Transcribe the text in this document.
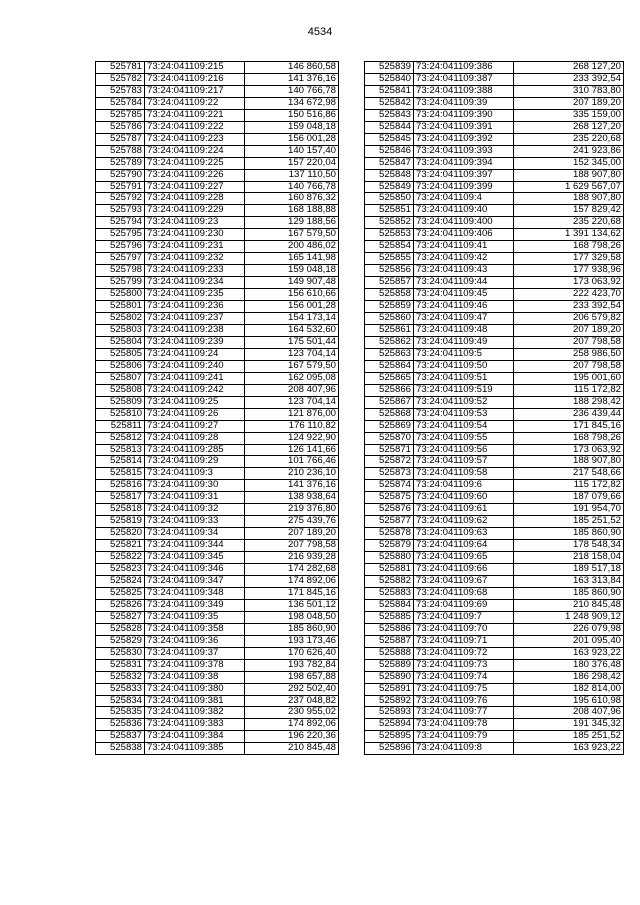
4534
525781	73:24:041109:215	146 860,58
525782	73:24:041109:216	141 376,16
525783	73:24:041109:217	140 766,78
525784	73:24:041109:22	134 672,98
525785	73:24:041109:221	150 516,86
525786	73:24:041109:222	159 048,18
525787	73:24:041109:223	156 001,28
525788	73:24:041109:224	140 157,40
525789	73:24:041109:225	157 220,04
525790	73:24:041109:226	137 110,50
525791	73:24:041109:227	140 766,78
525792	73:24:041109:228	160 876,32
525793	73:24:041109:229	168 188,88
525794	73:24:041109:23	129 188,56
525795	73:24:041109:230	167 579,50
525796	73:24:041109:231	200 486,02
525797	73:24:041109:232	165 141,98
525798	73:24:041109:233	159 048,18
525799	73:24:041109:234	149 907,48
525800	73:24:041109:235	156 610,66
525801	73:24:041109:236	156 001,28
525802	73:24:041109:237	154 173,14
525803	73:24:041109:238	164 532,60
525804	73:24:041109:239	175 501,44
525805	73:24:041109:24	123 704,14
525806	73:24:041109:240	167 579,50
525807	73:24:041109:241	162 095,08
525808	73:24:041109:242	208 407,96
525809	73:24:041109:25	123 704,14
525810	73:24:041109:26	121 876,00
525811	73:24:041109:27	176 110,82
525812	73:24:041109:28	124 922,90
525813	73:24:041109:285	126 141,66
525814	73:24:041109:29	101 766,46
525815	73:24:041109:3	210 236,10
525816	73:24:041109:30	141 376,16
525817	73:24:041109:31	138 938,64
525818	73:24:041109:32	219 376,80
525819	73:24:041109:33	275 439,76
525820	73:24:041109:34	207 189,20
525821	73:24:041109:344	207 798,58
525822	73:24:041109:345	216 939,28
525823	73:24:041109:346	174 282,68
525824	73:24:041109:347	174 892,06
525825	73:24:041109:348	171 845,16
525826	73:24:041109:349	136 501,12
525827	73:24:041109:35	198 048,50
525828	73:24:041109:358	185 860,90
525829	73:24:041109:36	193 173,46
525830	73:24:041109:37	170 626,40
525831	73:24:041109:378	193 782,84
525832	73:24:041109:38	198 657,88
525833	73:24:041109:380	292 502,40
525834	73:24:041109:381	237 048,82
525835	73:24:041109:382	230 955,02
525836	73:24:041109:383	174 892,06
525837	73:24:041109:384	196 220,36
525838	73:24:041109:385	210 845,48
525839	73:24:041109:386	268 127,20
525840	73:24:041109:387	233 392,54
525841	73:24:041109:388	310 783,80
525842	73:24:041109:39	207 189,20
525843	73:24:041109:390	335 159,00
525844	73:24:041109:391	268 127,20
525845	73:24:041109:392	235 220,68
525846	73:24:041109:393	241 923,86
525847	73:24:041109:394	152 345,00
525848	73:24:041109:397	188 907,80
525849	73:24:041109:399	1 629 567,07
525850	73:24:041109:4	188 907,80
525851	73:24:041109:40	157 829,42
525852	73:24:041109:400	235 220,68
525853	73:24:041109:406	1 391 134,62
525854	73:24:041109:41	168 798,26
525855	73:24:041109:42	177 329,58
525856	73:24:041109:43	177 938,96
525857	73:24:041109:44	173 063,92
525858	73:24:041109:45	222 423,70
525859	73:24:041109:46	233 392,54
525860	73:24:041109:47	206 579,82
525861	73:24:041109:48	207 189,20
525862	73:24:041109:49	207 798,58
525863	73:24:041109:5	258 986,50
525864	73:24:041109:50	207 798,58
525865	73:24:041109:51	195 001,60
525866	73:24:041109:519	115 172,82
525867	73:24:041109:52	188 298,42
525868	73:24:041109:53	236 439,44
525869	73:24:041109:54	171 845,16
525870	73:24:041109:55	168 798,26
525871	73:24:041109:56	173 063,92
525872	73:24:041109:57	188 907,80
525873	73:24:041109:58	217 548,66
525874	73:24:041109:6	115 172,82
525875	73:24:041109:60	187 079,66
525876	73:24:041109:61	191 954,70
525877	73:24:041109:62	185 251,52
525878	73:24:041109:63	185 860,90
525879	73:24:041109:64	178 548,34
525880	73:24:041109:65	218 158,04
525881	73:24:041109:66	189 517,18
525882	73:24:041109:67	163 313,84
525883	73:24:041109:68	185 860,90
525884	73:24:041109:69	210 845,48
525885	73:24:041109:7	1 248 909,12
525886	73:24:041109:70	226 079,98
525887	73:24:041109:71	201 095,40
525888	73:24:041109:72	163 923,22
525889	73:24:041109:73	180 376,48
525890	73:24:041109:74	186 298,42
525891	73:24:041109:75	182 814,00
525892	73:24:041109:76	195 610,98
525893	73:24:041109:77	208 407,96
525894	73:24:041109:78	191 345,32
525895	73:24:041109:79	185 251,52
525896	73:24:041109:8	163 923,22
